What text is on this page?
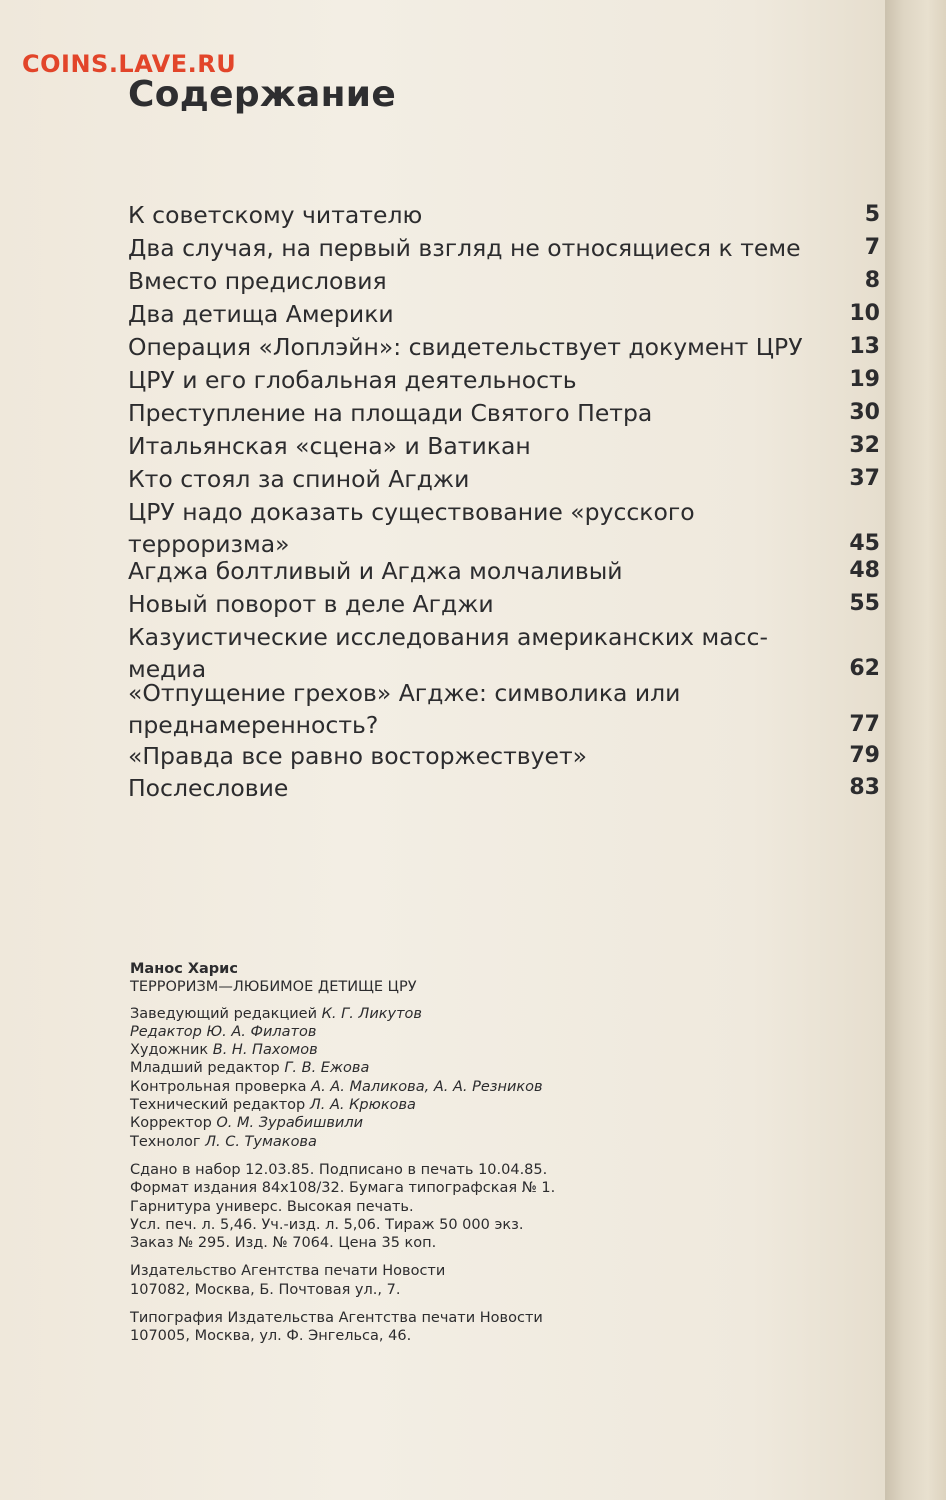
COINS.LAVE.RU
Содержание
К советскому читателю	5
Два случая, на первый взгляд не относящиеся к теме	7
Вместо предисловия	8
Два детища Америки	10
Операция «Лоплэйн»: свидетельствует документ ЦРУ	13
ЦРУ и его глобальная деятельность	19
Преступление на площади Святого Петра	30
Итальянская «сцена» и Ватикан	32
Кто стоял за спиной Агджи	37
ЦРУ надо доказать существование «русского
терроризма»	45
Агджа болтливый и Агджа молчаливый	48
Новый поворот в деле Агджи	55
Казуистические исследования американских масс-
медиа	62
«Отпущение грехов» Агдже: символика или
преднамеренность?	77
«Правда все равно восторжествует»	79
Послесловие	83
Манос Харис
ТЕРРОРИЗМ—ЛЮБИМОЕ ДЕТИЩЕ ЦРУ
Заведующий редакцией К. Г. Ликутов
Редактор Ю. А. Филатов
Художник В. Н. Пахомов
Младший редактор Г. В. Ежова
Контрольная проверка А. А. Маликова, А. А. Резников
Технический редактор Л. А. Крюкова
Корректор О. М. Зурабишвили
Технолог Л. С. Тумакова
Сдано в набор 12.03.85. Подписано в печать 10.04.85.
Формат издания 84х108/32. Бумага типографская № 1.
Гарнитура универс. Высокая печать.
Усл. печ. л. 5,46. Уч.-изд. л. 5,06. Тираж 50 000 экз.
Заказ № 295. Изд. № 7064. Цена 35 коп.
Издательство Агентства печати Новости
107082, Москва, Б. Почтовая ул., 7.
Типография Издательства Агентства печати Новости
107005, Москва, ул. Ф. Энгельса, 46.
